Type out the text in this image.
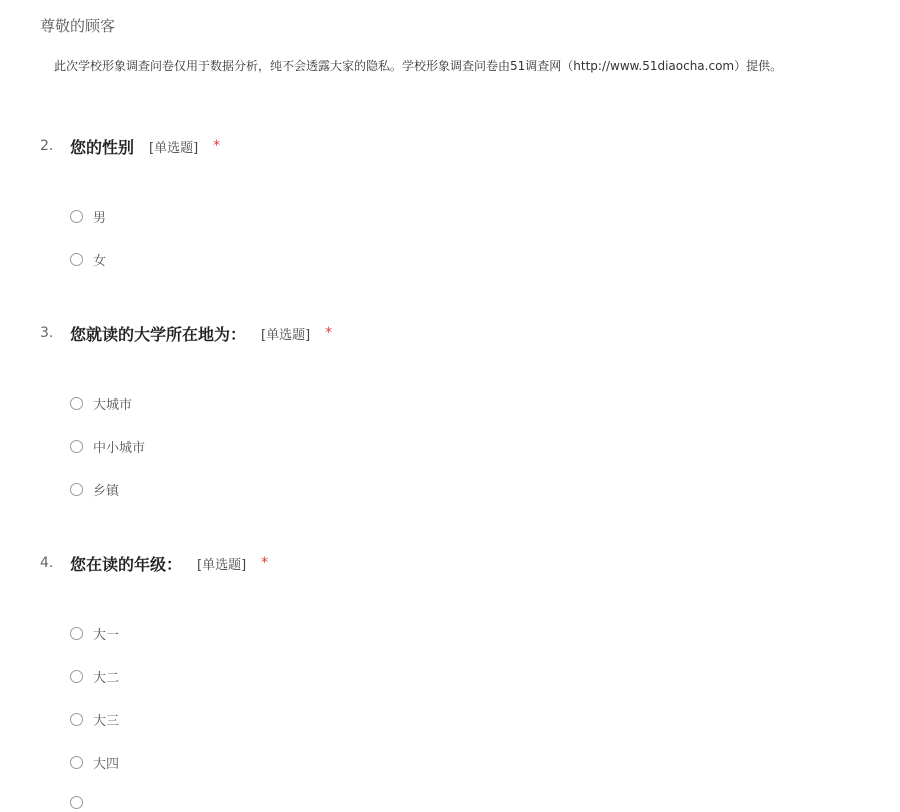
尊敬的顾客
此次学校形象调查问卷仅用于数据分析，纯不会透露大家的隐私。学校形象调查问卷由51调查网（http://www.51diaocha.com）提供。
2.	您的性别 [单选题] *
男
女
3.	您就读的大学所在地为： [单选题] *
大城市
中小城市
乡镇
4.	您在读的年级： [单选题] *
大一
大二
大三
大四
